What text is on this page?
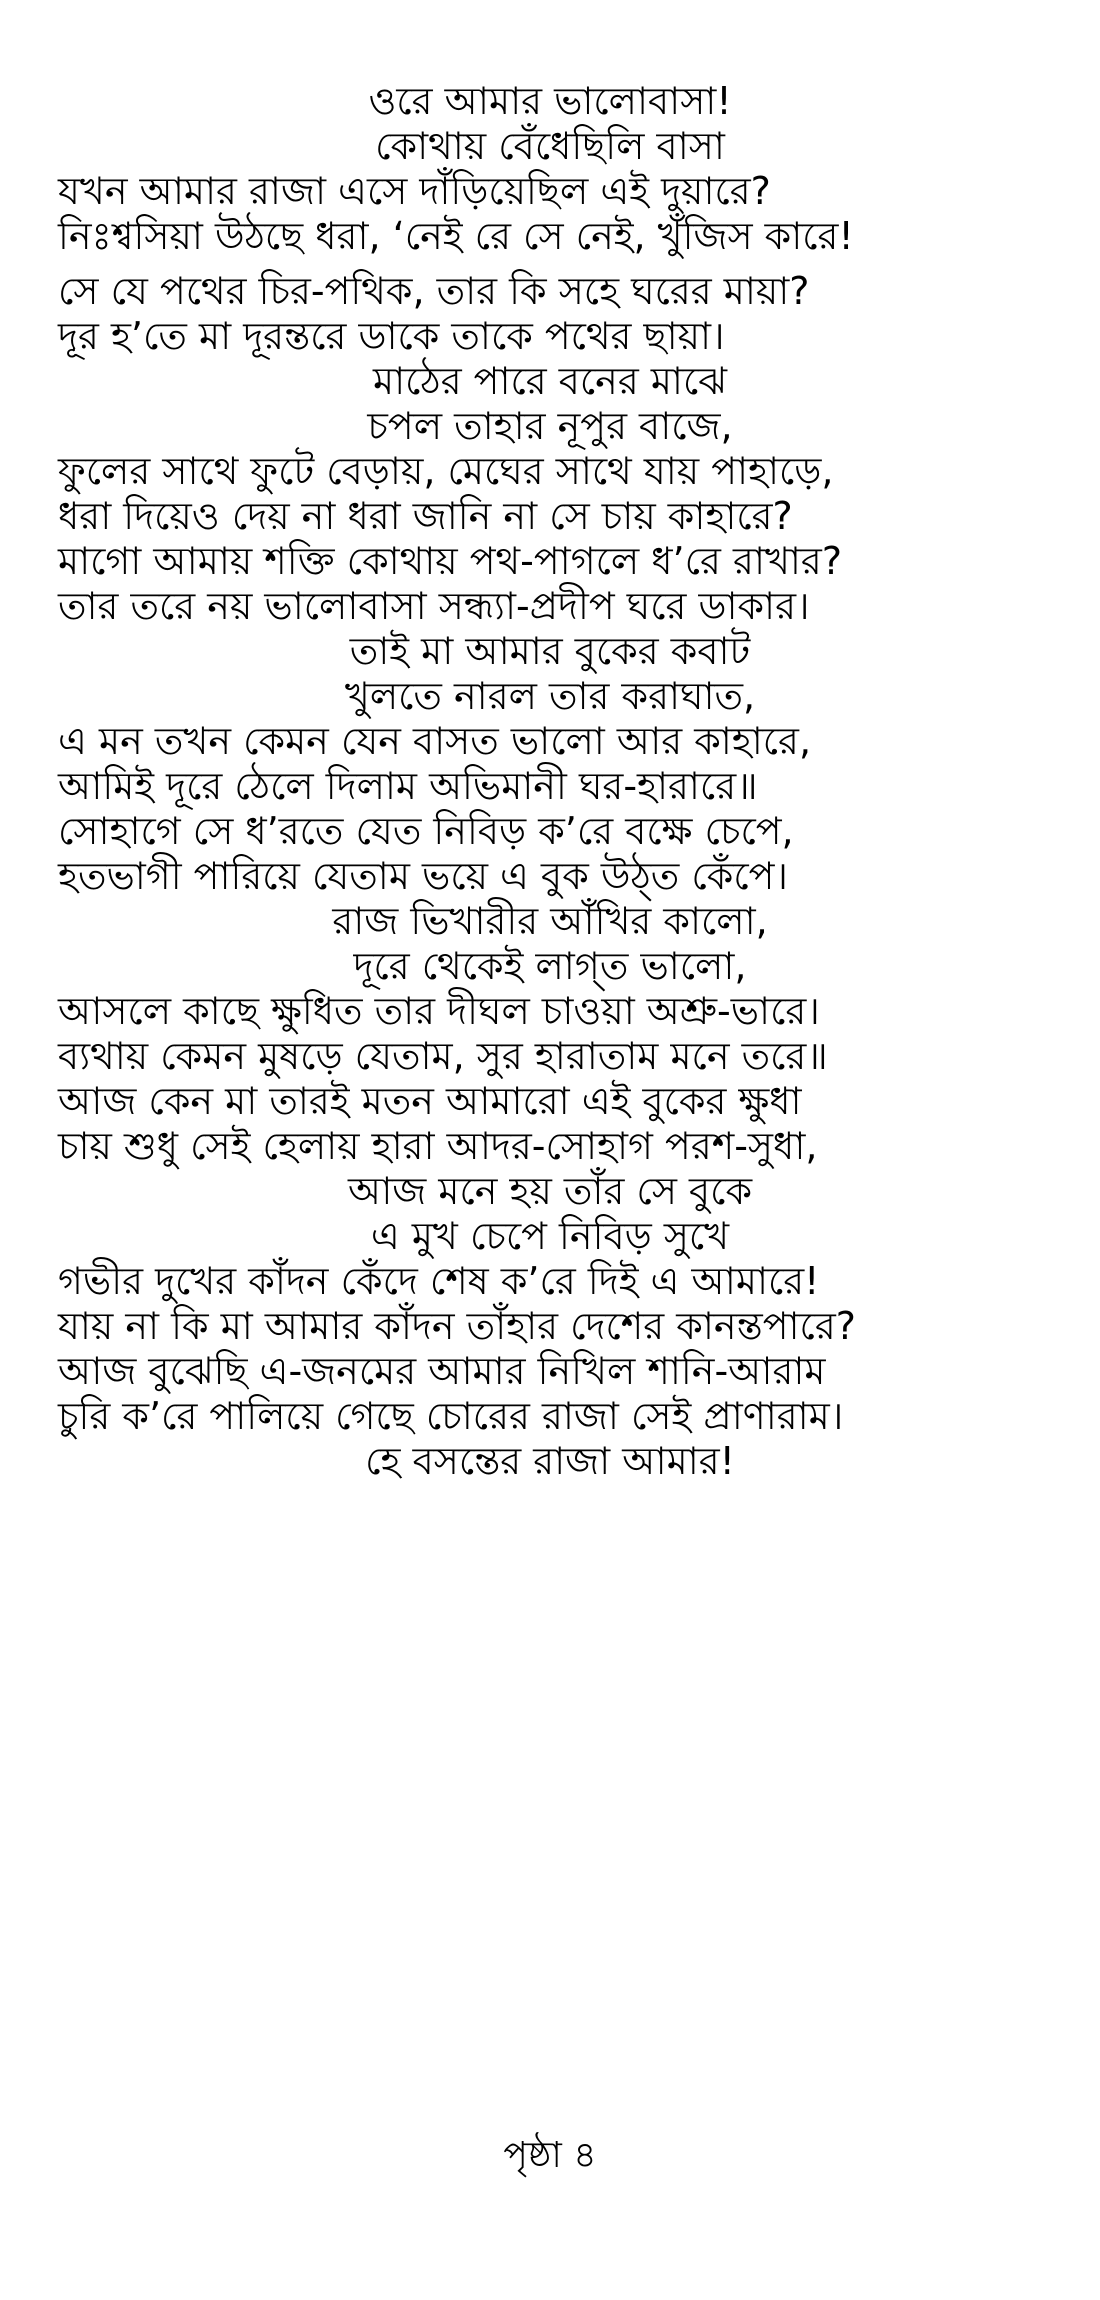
ওরে আমার ভালোবাসা!
কোথায় বেঁধেছিলি বাসা
যখন আমার রাজা এসে দাঁড়িয়েছিল এই দুয়ারে?
নিঃশ্বসিয়া উঠছে ধরা, ‘নেই রে সে নেই, খুঁজিস কারে!
সে যে পথের চির-পথিক, তার কি সহে ঘরের মায়া?
দূর হ’তে মা দূরন্তরে ডাকে তাকে পথের ছায়া।
মাঠের পারে বনের মাঝে
চপল তাহার নূপুর বাজে,
ফুলের সাথে ফুটে বেড়ায়, মেঘের সাথে যায় পাহাড়ে,
ধরা দিয়েও দেয় না ধরা জানি না সে চায় কাহারে?
মাগো আমায় শক্তি কোথায় পথ-পাগলে ধ’রে রাখার?
তার তরে নয় ভালোবাসা সন্ধ্যা-প্রদীপ ঘরে ডাকার।
তাই মা আমার বুকের কবাট
খুলতে নারল তার করাঘাত,
এ মন তখন কেমন যেন বাসত ভালো আর কাহারে,
আমিই দূরে ঠেলে দিলাম অভিমানী ঘর-হারারে॥
সোহাগে সে ধ’রতে যেত নিবিড় ক’রে বক্ষে চেপে,
হতভাগী পারিয়ে যেতাম ভয়ে এ বুক উঠ্‌ত কেঁপে।
রাজ ভিখারীর আঁখির কালো,
দূরে থেকেই লাগ্‌ত ভালো,
আসলে কাছে ক্ষুধিত তার দীঘল চাওয়া অশ্রু-ভারে।
ব্যথায় কেমন মুষড়ে যেতাম, সুর হারাতাম মনে তরে॥
আজ কেন মা তারই মতন আমারো এই বুকের ক্ষুধা
চায় শুধু সেই হেলায় হারা আদর-সোহাগ পরশ-সুধা,
আজ মনে হয় তাঁর সে বুকে
এ মুখ চেপে নিবিড় সুখে
গভীর দুখের কাঁদন কেঁদে শেষ ক’রে দিই এ আমারে!
যায় না কি মা আমার কাঁদন তাঁহার দেশের কানন্তপারে?
আজ বুঝেছি এ-জনমের আমার নিখিল শানি-আরাম
চুরি ক’রে পালিয়ে গেছে চোরের রাজা সেই প্রাণারাম।
হে বসন্তের রাজা আমার!
পৃষ্ঠা ৪
